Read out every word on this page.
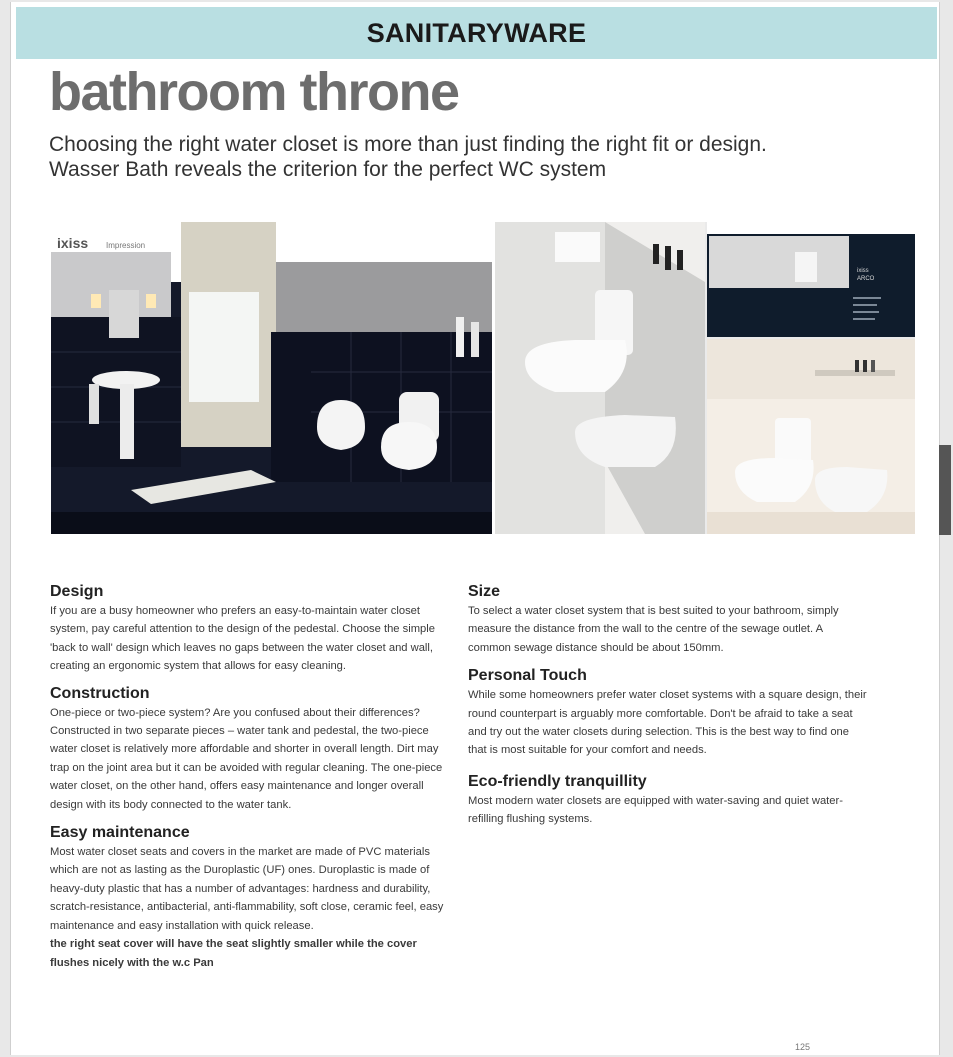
SANITARYWARE
bathroom throne
Choosing the right water closet is more than just finding the right fit or design. Wasser Bath reveals the criterion for the perfect WC system
ixiss Impression
ixiss
ARCO
Design

If you are a busy homeowner who prefers an easy-to-maintain water closet system, pay careful attention to the design of the pedestal. Choose the simple 'back to wall' design which leaves no gaps between the water closet and wall, creating an ergonomic system that allows for easy cleaning.

Construction

One-piece or two-piece system? Are you confused about their differences? Constructed in two separate pieces – water tank and pedestal, the two-piece water closet is relatively more affordable and shorter in overall length. Dirt may trap on the joint area but it can be avoided with regular cleaning. The one-piece water closet, on the other hand, offers easy maintenance and longer overall design with its body connected to the water tank.

Easy maintenance

Most water closet seats and covers in the market are made of PVC materials which are not as lasting as the Duroplastic (UF) ones. Duroplastic is made of heavy-duty plastic that has a number of advantages: hardness and durability, scratch-resistance, antibacterial, anti-flammability, soft close, ceramic feel, easy maintenance and easy installation with quick release.

the right seat cover will have the seat slightly smaller while the cover flushes nicely with the w.c Pan

Size

To select a water closet system that is best suited to your bathroom, simply measure the distance from the wall to the centre of the sewage outlet. A common sewage distance should be about 150mm.

Personal Touch

While some homeowners prefer water closet systems with a square design, their round counterpart is arguably more comfortable. Don't be afraid to take a seat and try out the water closets during selection. This is the best way to find one that is most suitable for your comfort and needs.

Eco-friendly tranquillity

Most modern water closets are equipped with water-saving and quiet water-refilling flushing systems.

125
